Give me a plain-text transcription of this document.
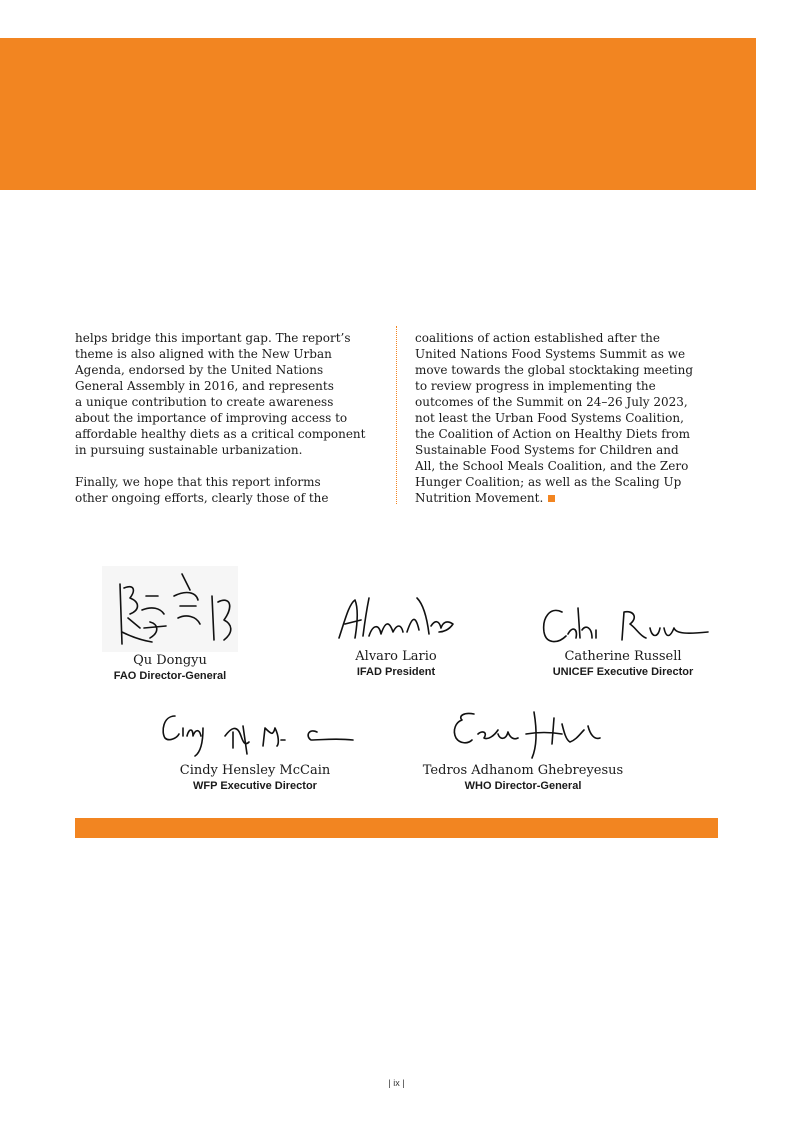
helps bridge this important gap. The report’s
theme is also aligned with the New Urban
Agenda, endorsed by the United Nations
General Assembly in 2016, and represents
a unique contribution to create awareness
about the importance of improving access to
affordable healthy diets as a critical component
in pursuing sustainable urbanization.

Finally, we hope that this report informs
other ongoing efforts, clearly those of the

coalitions of action established after the
United Nations Food Systems Summit as we
move towards the global stocktaking meeting
to review progress in implementing the
outcomes of the Summit on 24–26 July 2023,
not least the Urban Food Systems Coalition,
the Coalition of Action on Healthy Diets from
Sustainable Food Systems for Children and
All, the School Meals Coalition, and the Zero
Hunger Coalition; as well as the Scaling Up
Nutrition Movement.

Qu Dongyu
FAO Director-General
Alvaro Lario
IFAD President
Catherine Russell
UNICEF Executive Director
Cindy Hensley McCain
WFP Executive Director
Tedros Adhanom Ghebreyesus
WHO Director-General
| ix |
